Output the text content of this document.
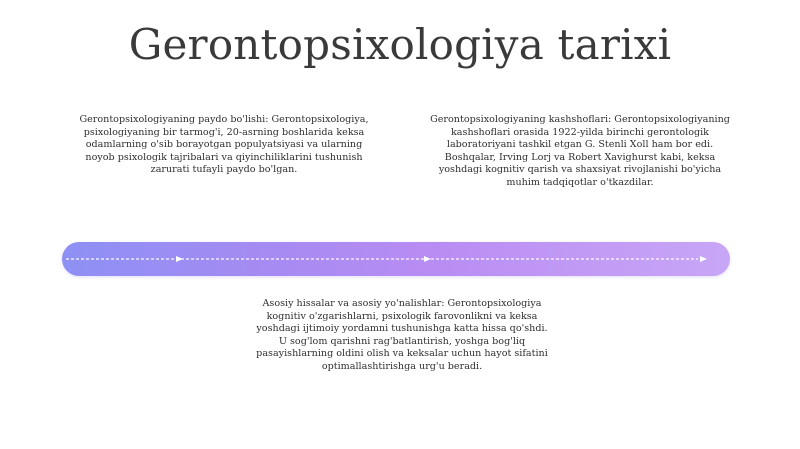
Gerontopsixologiya tarixi

Gerontopsixologiyaning paydo bo'lishi: Gerontopsixologiya, psixologiyaning bir tarmog'i, 20-asrning boshlarida keksa odamlarning o'sib borayotgan populyatsiyasi va ularning noyob psixologik tajribalari va qiyinchiliklarini tushunish zarurati tufayli paydo bo'lgan.

Gerontopsixologiyaning kashshoflari: Gerontopsixologiyaning kashshoflari orasida 1922-yilda birinchi gerontologik laboratoriyani tashkil etgan G. Stenli Xoll ham bor edi. Boshqalar, Irving Lorj va Robert Xavighurst kabi, keksa yoshdagi kognitiv qarish va shaxsiyat rivojlanishi bo'yicha muhim tadqiqotlar o'tkazdilar.

Asosiy hissalar va asosiy yo'nalishlar: Gerontopsixologiya kognitiv o'zgarishlarni, psixologik farovonlikni va keksa yoshdagi ijtimoiy yordamni tushunishga katta hissa qo'shdi. U sog'lom qarishni rag'batlantirish, yoshga bog'liq pasayishlarning oldini olish va keksalar uchun hayot sifatini optimallashtirishga urg'u beradi.
